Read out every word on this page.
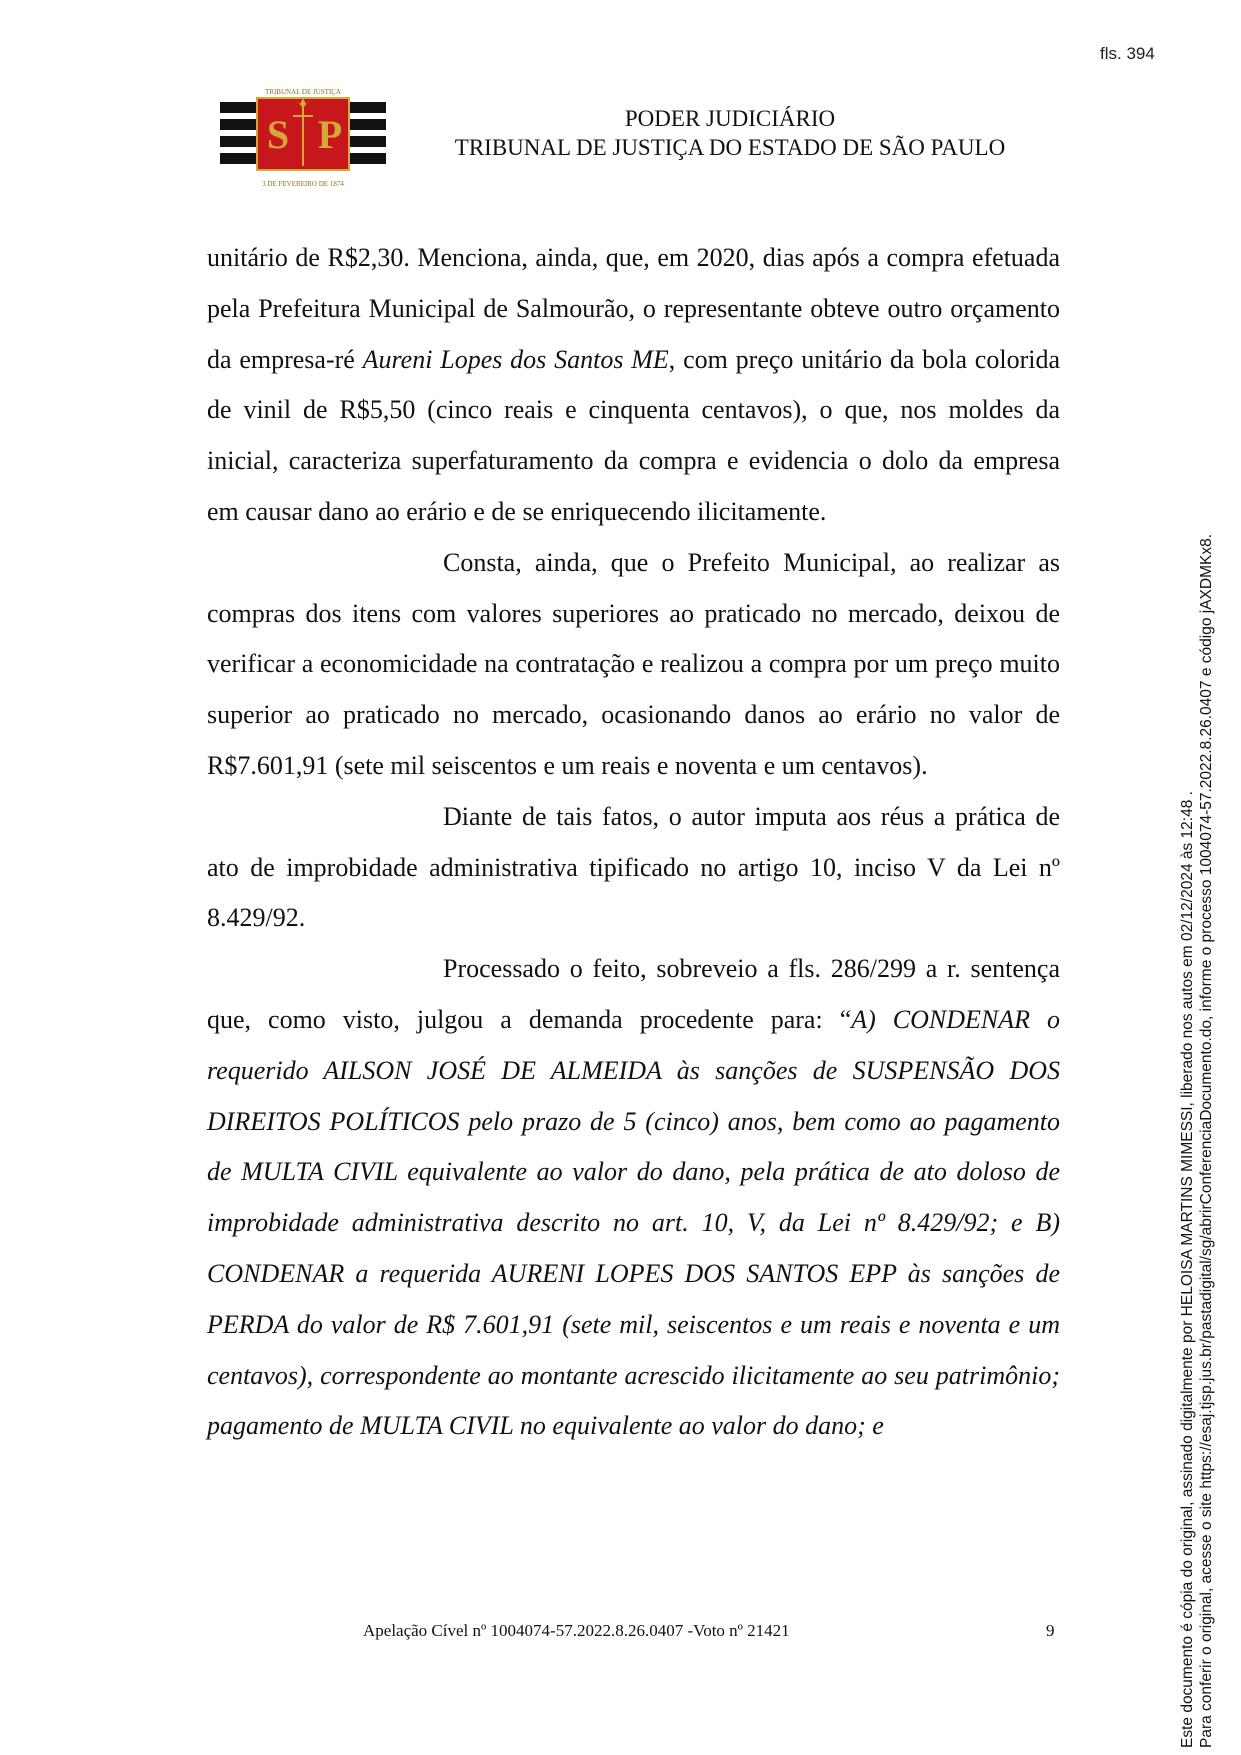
fls. 394
TRIBUNAL DE JUSTIÇA
S P
3 DE FEVEREIRO DE 1874
PODER JUDICIÁRIO
TRIBUNAL DE JUSTIÇA DO ESTADO DE SÃO PAULO

unitário de R$2,30. Menciona, ainda, que, em 2020, dias após a compra efetuada pela Prefeitura Municipal de Salmourão, o representante obteve outro orçamento da empresa-ré Aureni Lopes dos Santos ME, com preço unitário da bola colorida de vinil de R$5,50 (cinco reais e cinquenta centavos), o que, nos moldes da inicial, caracteriza superfaturamento da compra e evidencia o dolo da empresa em causar dano ao erário e de se enriquecendo ilicitamente.

Consta, ainda, que o Prefeito Municipal, ao realizar as compras dos itens com valores superiores ao praticado no mercado, deixou de verificar a economicidade na contratação e realizou a compra por um preço muito superior ao praticado no mercado, ocasionando danos ao erário no valor de R$7.601,91 (sete mil seiscentos e um reais e noventa e um centavos).

Diante de tais fatos, o autor imputa aos réus a prática de ato de improbidade administrativa tipificado no artigo 10, inciso V da Lei nº 8.429/92.

Processado o feito, sobreveio a fls. 286/299 a r. sentença que, como visto, julgou a demanda procedente para: “A) CONDENAR o requerido AILSON JOSÉ DE ALMEIDA às sanções de SUSPENSÃO DOS DIREITOS POLÍTICOS pelo prazo de 5 (cinco) anos, bem como ao pagamento de MULTA CIVIL equivalente ao valor do dano, pela prática de ato doloso de improbidade administrativa descrito no art. 10, V, da Lei nº 8.429/92; e B) CONDENAR a requerida AURENI LOPES DOS SANTOS EPP às sanções de PERDA do valor de R$ 7.601,91 (sete mil, seiscentos e um reais e noventa e um centavos), correspondente ao montante acrescido ilicitamente ao seu patrimônio; pagamento de MULTA CIVIL no equivalente ao valor do dano; e

Apelação Cível nº 1004074-57.2022.8.26.0407 -Voto nº 21421	9	Este documento é cópia do original, assinado digitalmente por HELOISA MARTINS MIMESSI, liberado nos autos em 02/12/2024 às 12:48 . Para conferir o original, acesse o site https://esaj.tjsp.jus.br/pastadigital/sg/abrirConferenciaDocumento.do, informe o processo 1004074-57.2022.8.26.0407 e código jAXDMKx8.
